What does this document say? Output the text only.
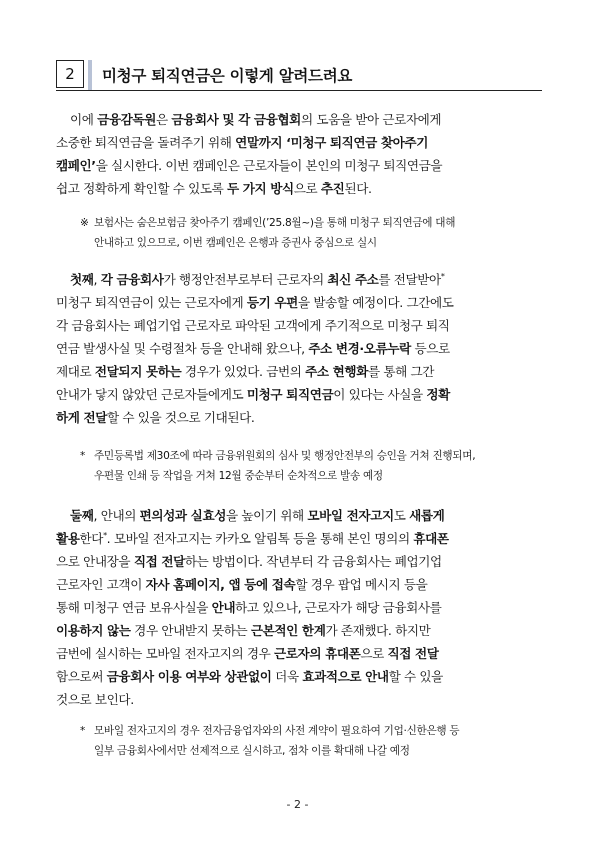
2	미청구 퇴직연금은 이렇게 알려드려요
이에 금융감독원은 금융회사 및 각 금융협회의 도움을 받아 근로자에게
소중한 퇴직연금을 돌려주기 위해 연말까지 ‘미청구 퇴직연금 찾아주기
캠페인’을 실시한다. 이번 캠페인은 근로자들이 본인의 미청구 퇴직연금을
쉽고 정확하게 확인할 수 있도록 두 가지 방식으로 추진된다.
※ 보험사는 숨은보험금 찾아주기 캠페인(’25.8월~)을 통해 미청구 퇴직연금에 대해
안내하고 있으므로, 이번 캠페인은 은행과 증권사 중심으로 실시
첫째, 각 금융회사가 행정안전부로부터 근로자의 최신 주소를 전달받아*
미청구 퇴직연금이 있는 근로자에게 등기 우편을 발송할 예정이다. 그간에도
각 금융회사는 폐업기업 근로자로 파악된 고객에게 주기적으로 미청구 퇴직
연금 발생사실 및 수령절차 등을 안내해 왔으나, 주소 변경·오류누락 등으로
제대로 전달되지 못하는 경우가 있었다. 금번의 주소 현행화를 통해 그간
안내가 닿지 않았던 근로자들에게도 미청구 퇴직연금이 있다는 사실을 정확
하게 전달할 수 있을 것으로 기대된다.
* 주민등록법 제30조에 따라 금융위원회의 심사 및 행정안전부의 승인을 거쳐 진행되며,
우편물 인쇄 등 작업을 거쳐 12월 중순부터 순차적으로 발송 예정
둘째, 안내의 편의성과 실효성을 높이기 위해 모바일 전자고지도 새롭게
활용한다*. 모바일 전자고지는 카카오 알림톡 등을 통해 본인 명의의 휴대폰
으로 안내장을 직접 전달하는 방법이다. 작년부터 각 금융회사는 폐업기업
근로자인 고객이 자사 홈페이지, 앱 등에 접속할 경우 팝업 메시지 등을
통해 미청구 연금 보유사실을 안내하고 있으나, 근로자가 해당 금융회사를
이용하지 않는 경우 안내받지 못하는 근본적인 한계가 존재했다. 하지만
금번에 실시하는 모바일 전자고지의 경우 근로자의 휴대폰으로 직접 전달
함으로써 금융회사 이용 여부와 상관없이 더욱 효과적으로 안내할 수 있을
것으로 보인다.
* 모바일 전자고지의 경우 전자금융업자와의 사전 계약이 필요하여 기업·신한은행 등
일부 금융회사에서만 선제적으로 실시하고, 점차 이를 확대해 나갈 예정
- 2 -
